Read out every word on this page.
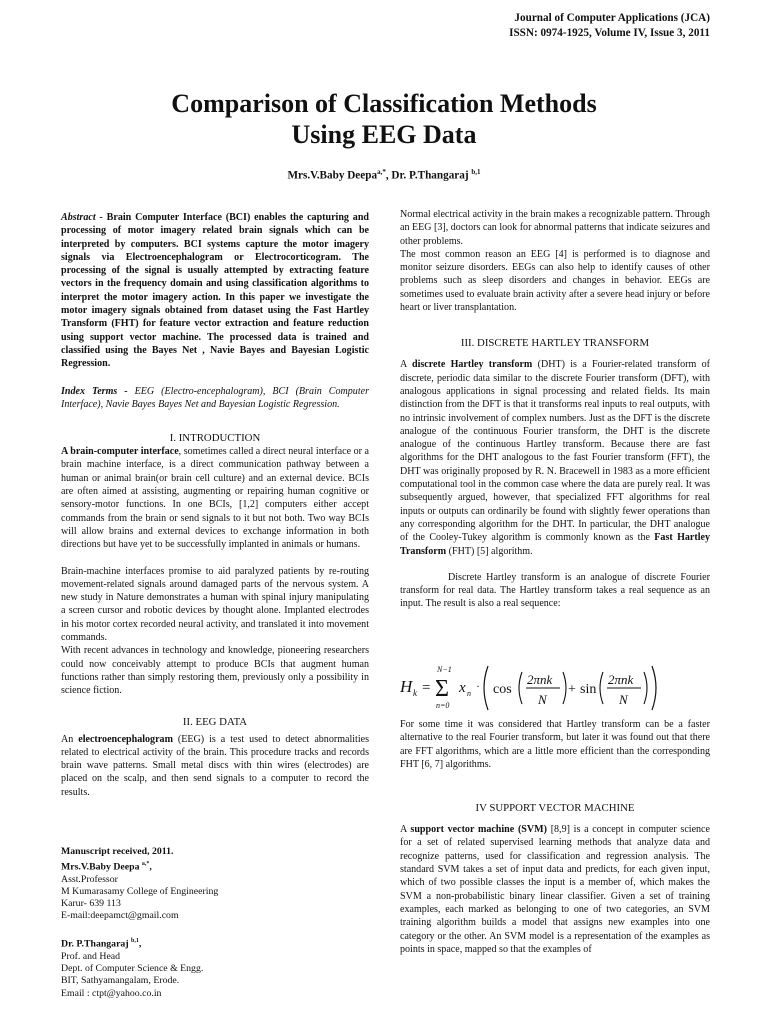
Journal of Computer Applications (JCA)
ISSN: 0974-1925, Volume IV, Issue 3, 2011
Comparison of Classification Methods
Using EEG Data
Mrs.V.Baby Deepa$^{a,*}$, Dr. P.Thangaraj $^{b,1}$

Abstract - Brain Computer Interface (BCI) enables the capturing and processing of motor imagery related brain signals which can be interpreted by computers. BCI systems capture the motor imagery signals via Electroencephalogram or Electrocorticogram. The processing of the signal is usually attempted by extracting feature vectors in the frequency domain and using classification algorithms to interpret the motor imagery action. In this paper we investigate the motor imagery signals obtained from dataset using the Fast Hartley Transform (FHT) for feature vector extraction and feature reduction using support vector machine. The processed data is trained and classified using the Bayes Net , Navie Bayes and Bayesian Logistic Regression.

Index Terms - EEG (Electro-encephalogram), BCI (Brain Computer Interface), Navie Bayes Bayes Net and Bayesian Logistic Regression.

I. INTRODUCTION

A brain-computer interface, sometimes called a direct neural interface or a brain machine interface, is a direct communication pathway between a human or animal brain(or brain cell culture) and an external device. BCIs are often aimed at assisting, augmenting or repairing human cognitive or sensory-motor functions. In one BCIs, [1,2] computers either accept commands from the brain or send signals to it but not both. Two way BCIs will allow brains and external devices to exchange information in both directions but have yet to be successfully implanted in animals or humans.

Brain-machine interfaces promise to aid paralyzed patients by re-routing movement-related signals around damaged parts of the nervous system. A new study in Nature demonstrates a human with spinal injury manipulating a screen cursor and robotic devices by thought alone. Implanted electrodes in his motor cortex recorded neural activity, and translated it into movement commands.

With recent advances in technology and knowledge, pioneering researchers could now conceivably attempt to produce BCIs that augment human functions rather than simply restoring them, previously only a possibility in science fiction.

II. EEG DATA

An electroencephalogram (EEG) is a test used to detect abnormalities related to electrical activity of the brain. This procedure tracks and records brain wave patterns. Small metal discs with thin wires (electrodes) are placed on the scalp, and then send signals to a computer to record the results.

Manuscript received, 2011.

Mrs.V.Baby Deepa $^{a,*}$,

Asst.Professor

M Kumarasamy College of Engineering

Karur- 639 113

E-mail:deepamct@gmail.com

Dr. P.Thangaraj $^{b,1}$,

Prof. and Head

Dept. of Computer Science & Engg.

BIT, Sathyamangalam, Erode.

Email : ctpt@yahoo.co.in

Normal electrical activity in the brain makes a recognizable pattern. Through an EEG [3], doctors can look for abnormal patterns that indicate seizures and other problems.

The most common reason an EEG [4] is performed is to diagnose and monitor seizure disorders. EEGs can also help to identify causes of other problems such as sleep disorders and changes in behavior. EEGs are sometimes used to evaluate brain activity after a severe head injury or before heart or liver transplantation.

III. DISCRETE HARTLEY TRANSFORM

A discrete Hartley transform (DHT) is a Fourier-related transform of discrete, periodic data similar to the discrete Fourier transform (DFT), with analogous applications in signal processing and related fields. Its main distinction from the DFT is that it transforms real inputs to real outputs, with no intrinsic involvement of complex numbers. Just as the DFT is the discrete analogue of the continuous Fourier transform, the DHT is the discrete analogue of the continuous Hartley transform. Because there are fast algorithms for the DHT analogous to the fast Fourier transform (FFT), the DHT was originally proposed by R. N. Bracewell in 1983 as a more efficient computational tool in the common case where the data are purely real. It was subsequently argued, however, that specialized FFT algorithms for real inputs or outputs can ordinarily be found with slightly fewer operations than any corresponding algorithm for the DHT. In particular, the DHT analogue of the Cooley-Tukey algorithm is commonly known as the Fast Hartley Transform (FHT) [5] algorithm.

Discrete Hartley transform is an analogue of discrete Fourier transform for real data. The Hartley transform takes a real sequence as an input. The result is also a real sequence:

H k =
N−1
Σ
n=0
x n
· cos
2πnk
N
+ sin
2πnk
N

For some time it was considered that Hartley transform can be a faster alternative to the real Fourier transform, but later it was found out that there are FFT algorithms, which are a little more efficient than the corresponding FHT [6, 7] algorithms.

IV SUPPORT VECTOR MACHINE

A support vector machine (SVM) [8,9] is a concept in computer science for a set of related supervised learning methods that analyze data and recognize patterns, used for classification and regression analysis. The standard SVM takes a set of input data and predicts, for each given input, which of two possible classes the input is a member of, which makes the SVM a non-probabilistic binary linear classifier. Given a set of training examples, each marked as belonging to one of two categories, an SVM training algorithm builds a model that assigns new examples into one category or the other. An SVM model is a representation of the examples as points in space, mapped so that the examples of
